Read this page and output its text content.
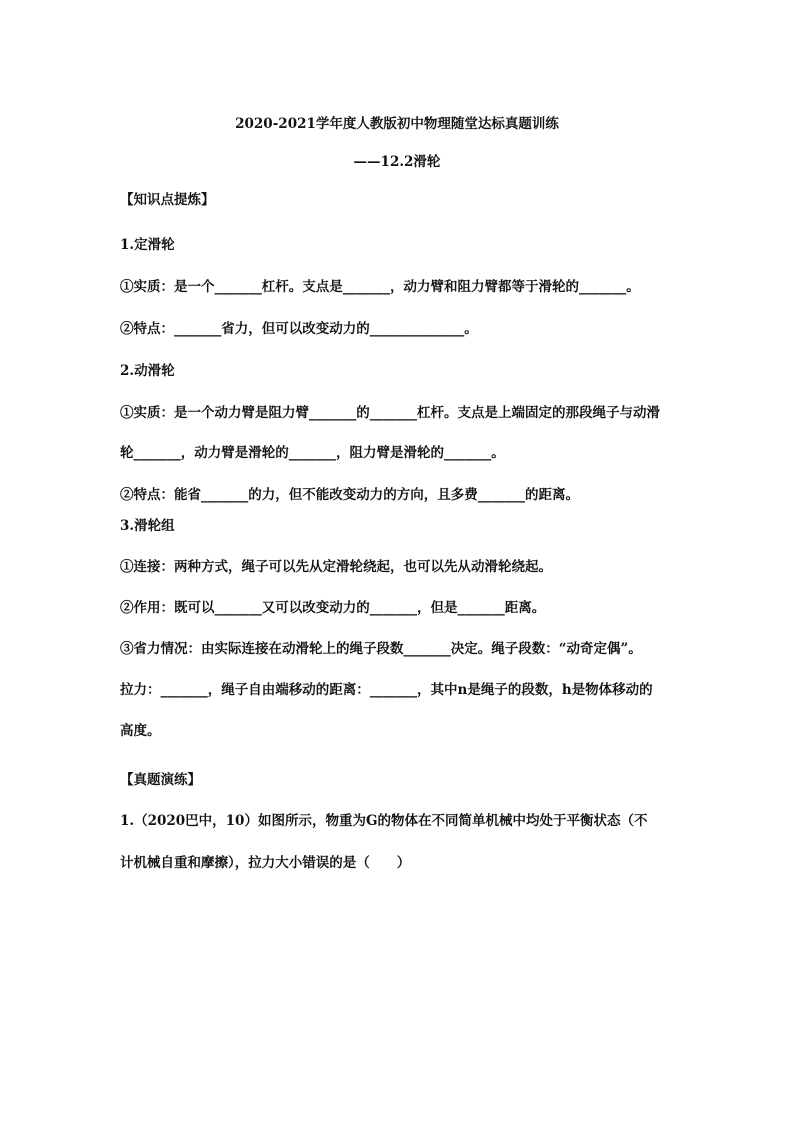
2020-2021学年度人教版初中物理随堂达标真题训练
——12.2滑轮
【知识点提炼】
1.定滑轮
①实质：是一个_______杠杆。支点是_______，动力臂和阻力臂都等于滑轮的_______。
②特点：_______省力，但可以改变动力的______________。
2.动滑轮
①实质：是一个动力臂是阻力臂_______的_______杠杆。支点是上端固定的那段绳子与动滑
轮_______，动力臂是滑轮的_______，阻力臂是滑轮的_______。
②特点：能省_______的力，但不能改变动力的方向，且多费_______的距离。
3.滑轮组
①连接：两种方式，绳子可以先从定滑轮绕起，也可以先从动滑轮绕起。
②作用：既可以_______又可以改变动力的_______，但是_______距离。
③省力情况：由实际连接在动滑轮上的绳子段数_______决定。绳子段数：“动奇定偶”。
拉力：_______，绳子自由端移动的距离：_______，其中n是绳子的段数，h是物体移动的
高度。
【真题演练】
1.（2020巴中，10）如图所示，物重为G的物体在不同简单机械中均处于平衡状态（不
计机械自重和摩擦），拉力大小错误的是（　　）
